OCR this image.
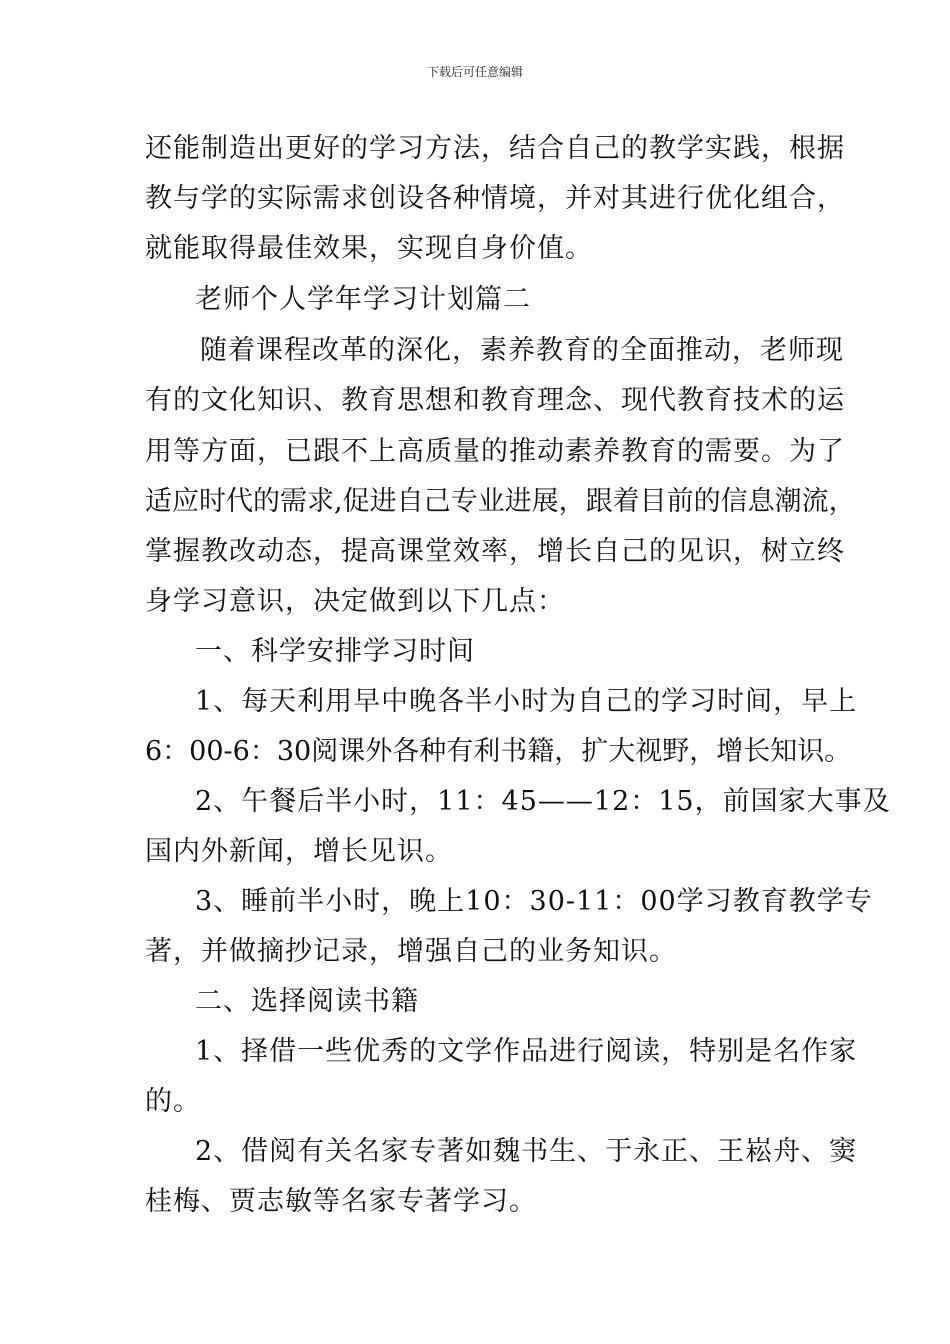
下载后可任意编辑
还能制造出更好的学习方法，结合自己的教学实践，根据
教与学的实际需求创设各种情境，并对其进行优化组合，
就能取得最佳效果，实现自身价值。
老师个人学年学习计划篇二
随着课程改革的深化，素养教育的全面推动，老师现
有的文化知识、教育思想和教育理念、现代教育技术的运
用等方面，已跟不上高质量的推动素养教育的需要。为了
适应时代的需求,促进自己专业进展，跟着目前的信息潮流，
掌握教改动态，提高课堂效率，增长自己的见识，树立终
身学习意识，决定做到以下几点：
一、科学安排学习时间
1、每天利用早中晚各半小时为自己的学习时间，早上
6：00-6：30阅课外各种有利书籍，扩大视野，增长知识。
2、午餐后半小时，11：45——12：15，前国家大事及
国内外新闻，增长见识。
3、睡前半小时，晚上10：30-11：00学习教育教学专
著，并做摘抄记录，增强自己的业务知识。
二、选择阅读书籍
1、择借一些优秀的文学作品进行阅读，特别是名作家
的。
2、借阅有关名家专著如魏书生、于永正、王崧舟、窦
桂梅、贾志敏等名家专著学习。
